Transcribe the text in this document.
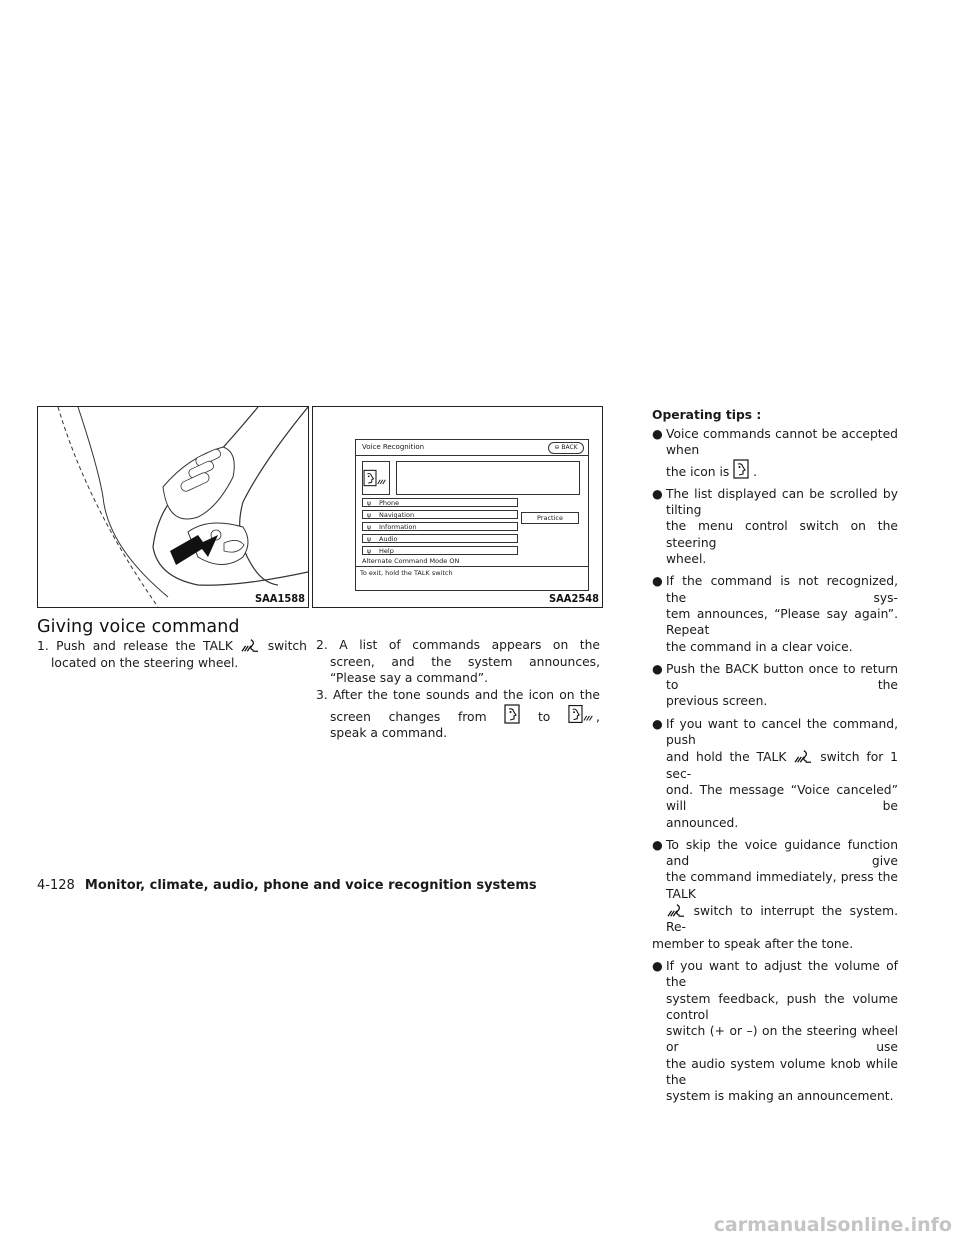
SAA1588
Voice Recognition	⊖ BACK
ψ Phone
ψ Navigation
ψ Information
ψ Audio
ψ Help
Practice
Alternate Command Mode ON
To exit, hold the TALK switch
SAA2548
Giving voice command
1. Push and release the TALK	switch
located on the steering wheel.
2. A list of commands appears on the
screen, and the system announces,
“Please say a command”.
3. After the tone sounds and the icon on the
screen changes from	to	,
speak a command.
Operating tips :
● Voice commands cannot be accepted when
the icon is .
● The list displayed can be scrolled by tilting
the menu control switch on the steering
wheel.
● If the command is not recognized, the sys-
tem announces, “Please say again”. Repeat
the command in a clear voice.
● Push the BACK button once to return to the
previous screen.
● If you want to cancel the command, push
and hold the TALK	switch for 1 sec-
ond. The message “Voice canceled” will be
announced.
● To skip the voice guidance function and give
the command immediately, press the TALK
switch to interrupt the system. Re-
member to speak after the tone.
● If you want to adjust the volume of the
system feedback, push the volume control
switch (+ or –) on the steering wheel or use
the audio system volume knob while the
system is making an announcement.
4-128 Monitor, climate, audio, phone and voice recognition systems
carmanualsonline.info
